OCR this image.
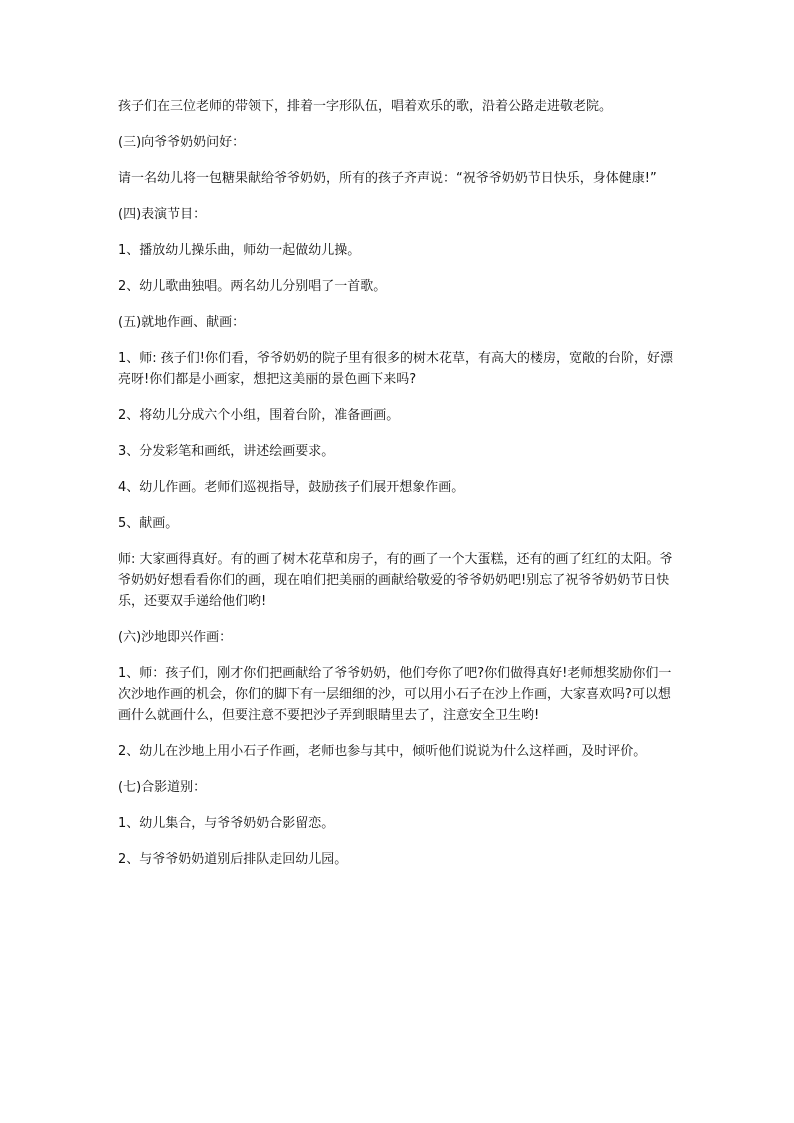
孩子们在三位老师的带领下，排着一字形队伍，唱着欢乐的歌，沿着公路走进敬老院。

(三)向爷爷奶奶问好：

请一名幼儿将一包糖果献给爷爷奶奶，所有的孩子齐声说：“祝爷爷奶奶节日快乐，身体健康!”

(四)表演节目：

1、播放幼儿操乐曲，师幼一起做幼儿操。

2、幼儿歌曲独唱。两名幼儿分别唱了一首歌。

(五)就地作画、献画：

1、师: 孩子们!你们看，爷爷奶奶的院子里有很多的树木花草，有高大的楼房，宽敞的台阶，好漂亮呀!你们都是小画家，想把这美丽的景色画下来吗?

2、将幼儿分成六个小组，围着台阶，准备画画。

3、分发彩笔和画纸，讲述绘画要求。

4、幼儿作画。老师们巡视指导，鼓励孩子们展开想象作画。

5、献画。

师: 大家画得真好。有的画了树木花草和房子，有的画了一个大蛋糕，还有的画了红红的太阳。爷爷奶奶好想看看你们的画，现在咱们把美丽的画献给敬爱的爷爷奶奶吧!别忘了祝爷爷奶奶节日快乐，还要双手递给他们哟!

(六)沙地即兴作画：

1、师：孩子们，刚才你们把画献给了爷爷奶奶，他们夸你了吧?你们做得真好!老师想奖励你们一次沙地作画的机会，你们的脚下有一层细细的沙，可以用小石子在沙上作画，大家喜欢吗?可以想画什么就画什么，但要注意不要把沙子弄到眼睛里去了，注意安全卫生哟!

2、幼儿在沙地上用小石子作画，老师也参与其中，倾听他们说说为什么这样画，及时评价。

(七)合影道别：

1、幼儿集合，与爷爷奶奶合影留恋。

2、与爷爷奶奶道别后排队走回幼儿园。
